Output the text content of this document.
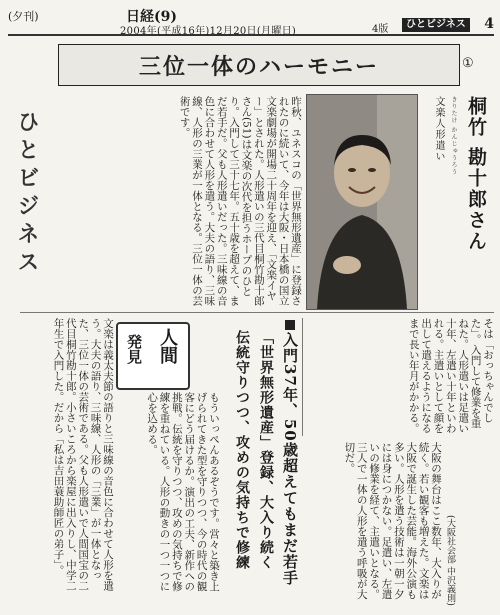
(夕刊)	日経(9)
2004年(平成16年)12月20日(月曜日)	4版	ひとビジネス 4
三位一体のハーモニー	①
ひとビジネス	昨秋、ユネスコの「世界無形遺産」に登録されたのに続いて、今年は大阪・日本橋の国立文楽劇場が開場二十周年を迎え、「文楽イヤー」とされた。人形遣いの三代目桐竹勘十郎さん(51)は文楽の次代を担うホープのひとり。入門して三十七年。五十歳を超えて、まだ若手だ。父も人形遣いだった。三味線の音色に合わせて人形を遣う。大夫の語り、三味線、人形の三業が一体となる。三位一体の芸術です。	文楽人形遣い	きりたけ かんじゅうろう 桐竹 勘十郎さん
発見 人間	入門37年、50歳超えてもまだ若手
「世界無形遺産」登録、大入り続く
伝統守りつつ、攻めの気持ちで修練
文楽は義太夫節の語りと三味線の音色に合わせて人形を遣う。大夫の語り、三味線、人形の「三業」が一体となった、三位一体の芸術である。父も人形遣いで人間国宝の二代目桐竹勘十郎。小さいころから楽屋に出入りし、中学二年生で入門した。だから「私は吉田蓑助師匠の弟子」。	もういっぺんあるぞうです。営々と築き上げられてきた型を守りつつ、今の時代の観客にどう届けるか。演出の工夫、新作への挑戦。伝統を守りつつ、攻めの気持ちで修練を重ねている。人形の動きの一つ一つに心を込める。
そは「おっちゃんでした」。入門して修業を重ねた。人形遣いは足遣い十年、左遣い十年といわれる。主遣いとして顔を出して遣えるようになるまで長い年月がかかる。
大阪の舞台はここ数年、大入りが続く。若い観客も増えた。文楽は大阪で誕生した芸能。海外公演も多い。人形を遣う技術は一朝一夕には身につかない。足遣い、左遣いの修業を経て、主遣いとなる。三人で一体の人形を遣う呼吸が大切だ。
(大阪社会部 中沢義則)
